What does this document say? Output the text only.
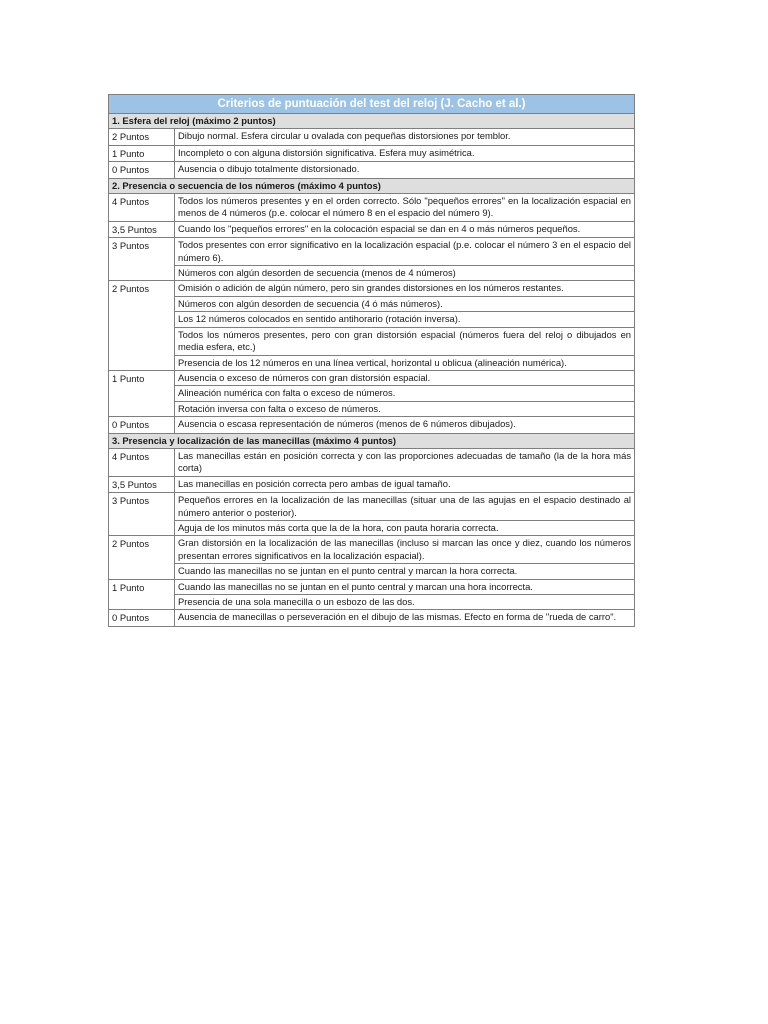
Criterios de puntuación del test del reloj (J. Cacho et al.)	
1. Esfera del reloj (máximo 2 puntos)	
2 Puntos	Dibujo normal. Esfera circular u ovalada con pequeñas distorsiones por temblor.
1 Punto	Incompleto o con alguna distorsión significativa. Esfera muy asimétrica.
0 Puntos	Ausencia o dibujo totalmente distorsionado.
2. Presencia o secuencia de los números (máximo 4 puntos)	
4 Puntos	Todos los números presentes y en el orden correcto. Sólo "pequeños errores" en la localización espacial en menos de 4 números (p.e. colocar el número 8 en el espacio del número 9).
3,5 Puntos	Cuando los "pequeños errores" en la colocación espacial se dan en 4 o más números pequeños.
3 Puntos	Todos presentes con error significativo en la localización espacial (p.e. colocar el número 3 en el espacio del número 6).
	Números con algún desorden de secuencia (menos de 4 números)
2 Puntos	Omisión o adición de algún número, pero sin grandes distorsiones en los números restantes.
	Números con algún desorden de secuencia (4 ó más números).
	Los 12 números colocados en sentido antihorario (rotación inversa).
	Todos los números presentes, pero con gran distorsión espacial (números fuera del reloj o dibujados en media esfera, etc.)
	Presencia de los 12 números en una línea vertical, horizontal u oblicua (alineación numérica).
1 Punto	Ausencia o exceso de números con gran distorsión espacial.
	Alineación numérica con falta o exceso de números.
	Rotación inversa con falta o exceso de números.
0 Puntos	Ausencia o escasa representación de números (menos de 6 números dibujados).
3. Presencia y localización de las manecillas (máximo 4 puntos)	
4 Puntos	Las manecillas están en posición correcta y con las proporciones adecuadas de tamaño (la de la hora más corta)
3,5 Puntos	Las manecillas en posición correcta pero ambas de igual tamaño.
3 Puntos	Pequeños errores en la localización de las manecillas (situar una de las agujas en el espacio destinado al número anterior o posterior).
	Aguja de los minutos más corta que la de la hora, con pauta horaria correcta.
2 Puntos	Gran distorsión en la localización de las manecillas (incluso si marcan las once y diez, cuando los números presentan errores significativos en la localización espacial).
	Cuando las manecillas no se juntan en el punto central y marcan la hora correcta.
1 Punto	Cuando las manecillas no se juntan en el punto central y marcan una hora incorrecta.
	Presencia de una sola manecilla o un esbozo de las dos.
0 Puntos	Ausencia de manecillas o perseveración en el dibujo de las mismas. Efecto en forma de "rueda de carro".
